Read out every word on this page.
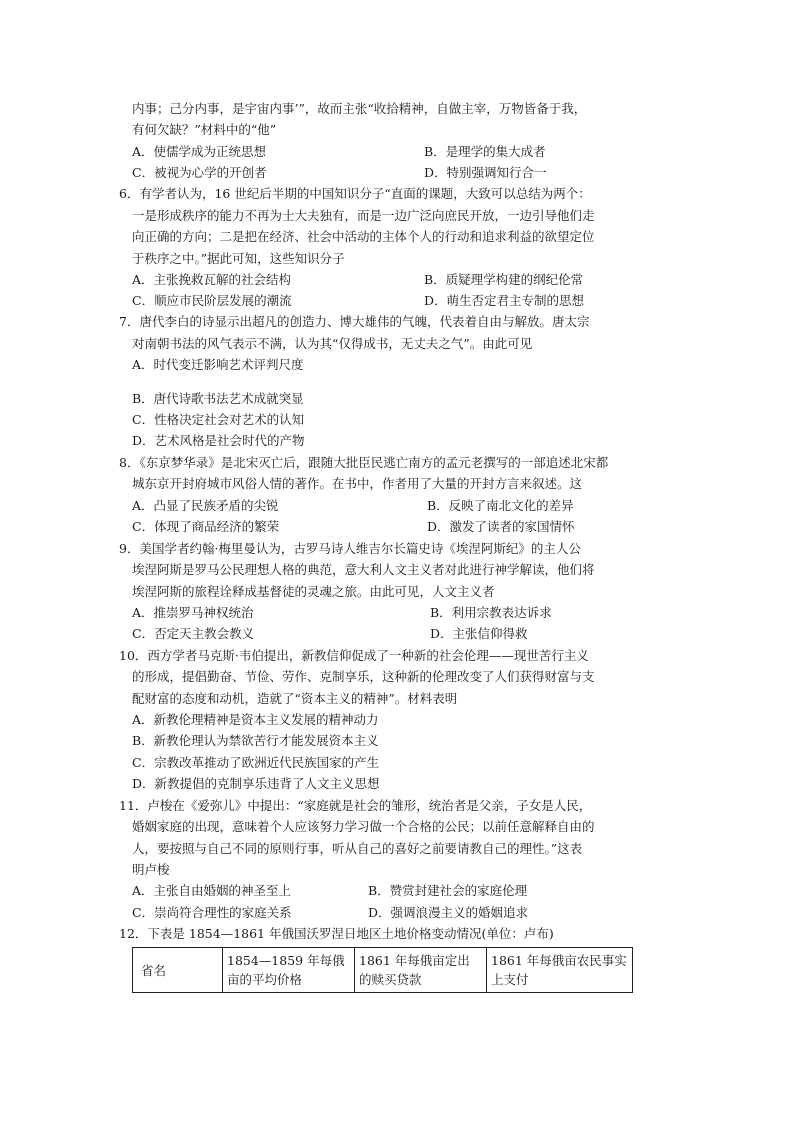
内事；己分内事，是宇宙内事’”，故而主张“收拾精神，自做主宰，万物皆备于我，
有何欠缺？”材料中的“他”
A．使儒学成为正统思想	B．是理学的集大成者
C．被视为心学的开创者	D．特别强调知行合一
6．有学者认为，16 世纪后半期的中国知识分子“直面的课题，大致可以总结为两个：
一是形成秩序的能力不再为士大夫独有，而是一边广泛向庶民开放，一边引导他们走
向正确的方向；二是把在经济、社会中活动的主体个人的行动和追求利益的欲望定位
于秩序之中。”据此可知，这些知识分子
A．主张挽救瓦解的社会结构	B．质疑理学构建的纲纪伦常
C．顺应市民阶层发展的潮流	D．萌生否定君主专制的思想
7．唐代李白的诗显示出超凡的创造力、博大雄伟的气魄，代表着自由与解放。唐太宗
对南朝书法的风气表示不满，认为其“仅得成书，无丈夫之气”。由此可见
A．时代变迁影响艺术评判尺度
B．唐代诗歌书法艺术成就突显
C．性格决定社会对艺术的认知
D．艺术风格是社会时代的产物
8．《东京梦华录》是北宋灭亡后，跟随大批臣民逃亡南方的孟元老撰写的一部追述北宋都
城东京开封府城市风俗人情的著作。在书中，作者用了大量的开封方言来叙述。这
A．凸显了民族矛盾的尖锐	B．反映了南北文化的差异
C．体现了商品经济的繁荣	D．激发了读者的家国情怀
9．美国学者约翰·梅里曼认为，古罗马诗人维吉尔长篇史诗《埃涅阿斯纪》的主人公
埃涅阿斯是罗马公民理想人格的典范，意大利人文主义者对此进行神学解读，他们将
埃涅阿斯的旅程诠释成基督徒的灵魂之旅。由此可见，人文主义者
A．推崇罗马神权统治	B．利用宗教表达诉求
C．否定天主教会教义	D．主张信仰得救
10．西方学者马克斯·韦伯提出，新教信仰促成了一种新的社会伦理——现世苦行主义
的形成，提倡勤奋、节俭、劳作、克制享乐，这种新的伦理改变了人们获得财富与支
配财富的态度和动机，造就了“资本主义的精神”。材料表明
A．新教伦理精神是资本主义发展的精神动力
B．新教伦理认为禁欲苦行才能发展资本主义
C．宗教改革推动了欧洲近代民族国家的产生
D．新教提倡的克制享乐违背了人文主义思想
11．卢梭在《爱弥儿》中提出：“家庭就是社会的雏形，统治者是父亲，子女是人民，
婚姻家庭的出现，意味着个人应该努力学习做一个合格的公民；以前任意解释自由的
人，要按照与自己不同的原则行事，听从自己的喜好之前要请教自己的理性。”这表
明卢梭
A．主张自由婚姻的神圣至上	B．赞赏封建社会的家庭伦理
C．崇尚符合理性的家庭关系	D．强调浪漫主义的婚姻追求
12．下表是 1854—1861 年俄国沃罗涅日地区土地价格变动情况(单位：卢布)
省名	1854—1859 年每俄亩的平均价格	1861 年每俄亩定出的赎买贷款	1861 年每俄亩农民事实上支付
